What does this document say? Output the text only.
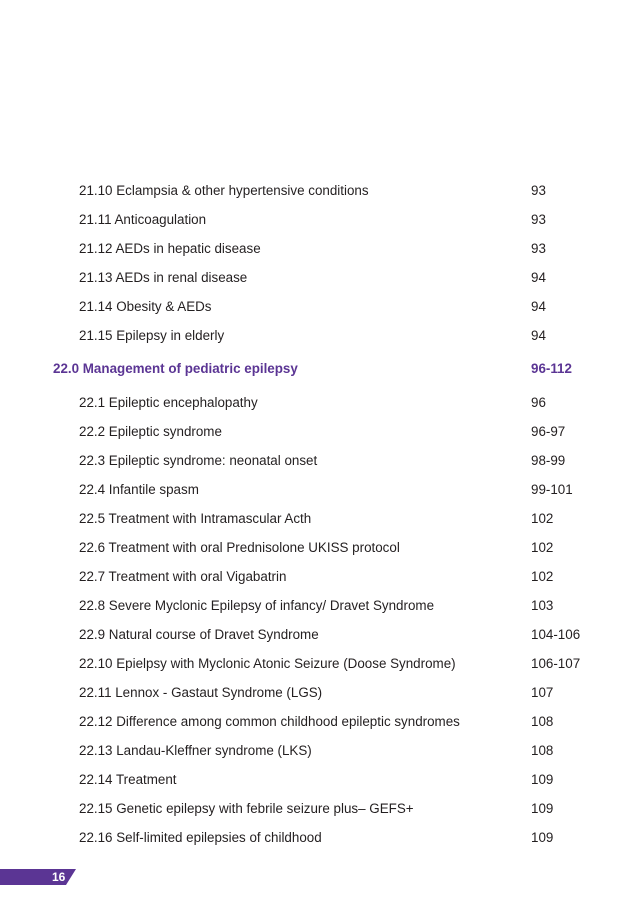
21.10 Eclampsia & other hypertensive conditions	93
21.11 Anticoagulation	93
21.12 AEDs in hepatic disease	93
21.13 AEDs in renal disease	94
21.14 Obesity & AEDs	94
21.15 Epilepsy in elderly	94
22.0 Management of pediatric epilepsy	96-112
22.1 Epileptic encephalopathy	96
22.2 Epileptic syndrome	96-97
22.3 Epileptic syndrome: neonatal onset	98-99
22.4 Infantile spasm	99-101
22.5 Treatment with Intramascular Acth	102
22.6 Treatment with oral Prednisolone UKISS protocol	102
22.7 Treatment with oral Vigabatrin	102
22.8 Severe Myclonic Epilepsy of infancy/ Dravet Syndrome	103
22.9 Natural course of Dravet Syndrome	104-106
22.10 Epielpsy with Myclonic Atonic Seizure (Doose Syndrome)	106-107
22.11 Lennox - Gastaut Syndrome (LGS)	107
22.12 Difference among common childhood epileptic syndromes	108
22.13 Landau-Kleffner syndrome (LKS)	108
22.14 Treatment	109
22.15 Genetic epilepsy with febrile seizure plus– GEFS+	109
22.16 Self-limited epilepsies of childhood	109
16
